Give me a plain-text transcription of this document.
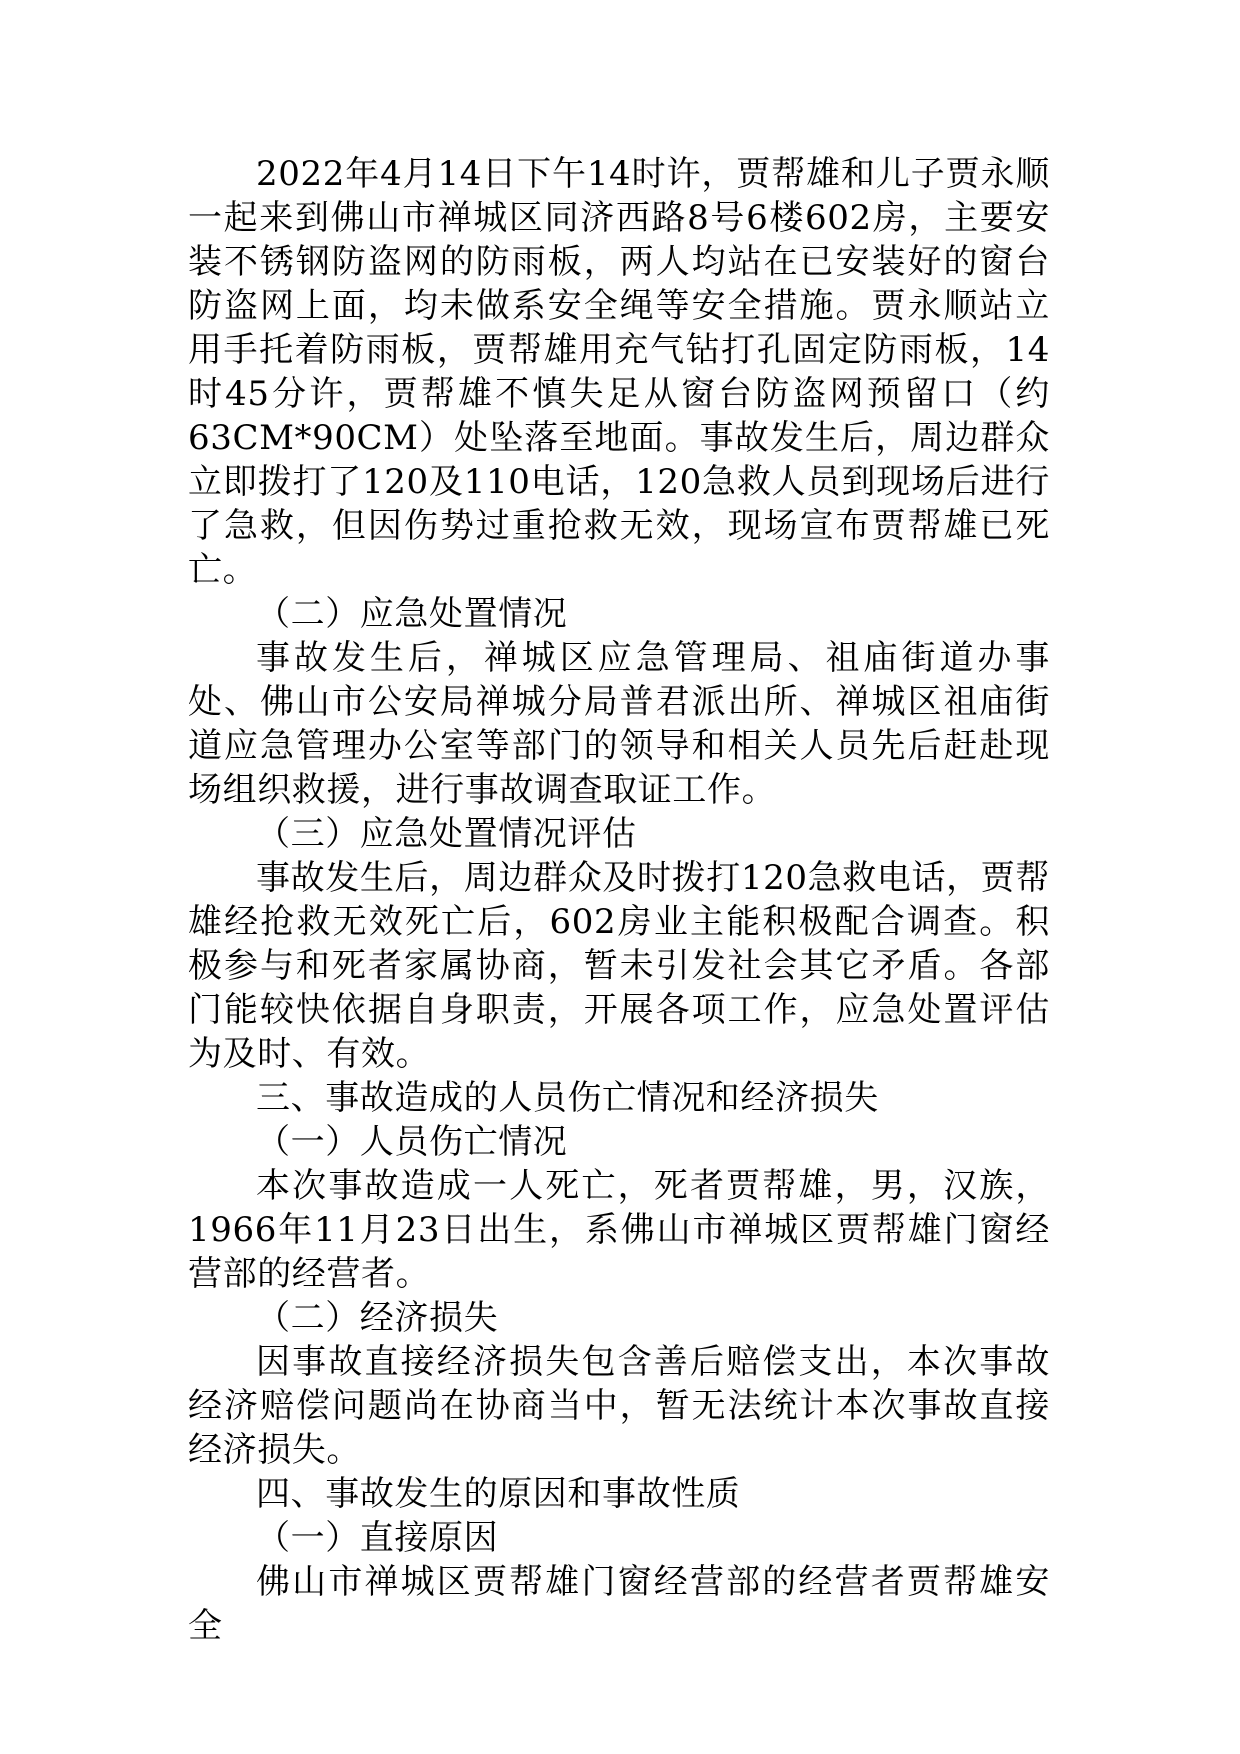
2022年4月14日下午14时许，贾帮雄和儿子贾永顺一起来到佛山市禅城区同济西路8号6楼602房，主要安装不锈钢防盗网的防雨板，两人均站在已安装好的窗台防盗网上面，均未做系安全绳等安全措施。贾永顺站立用手托着防雨板，贾帮雄用充气钻打孔固定防雨板，14时45分许，贾帮雄不慎失足从窗台防盗网预留口（约63CM*90CM）处坠落至地面。事故发生后，周边群众立即拨打了120及110电话，120急救人员到现场后进行了急救，但因伤势过重抢救无效，现场宣布贾帮雄已死亡。

（二）应急处置情况

事故发生后，禅城区应急管理局、祖庙街道办事处、佛山市公安局禅城分局普君派出所、禅城区祖庙街道应急管理办公室等部门的领导和相关人员先后赶赴现场组织救援，进行事故调查取证工作。

（三）应急处置情况评估

事故发生后，周边群众及时拨打120急救电话，贾帮雄经抢救无效死亡后，602房业主能积极配合调查。积极参与和死者家属协商，暂未引发社会其它矛盾。各部门能较快依据自身职责，开展各项工作，应急处置评估为及时、有效。

三、事故造成的人员伤亡情况和经济损失

（一）人员伤亡情况

本次事故造成一人死亡，死者贾帮雄，男，汉族，1966年11月23日出生，系佛山市禅城区贾帮雄门窗经营部的经营者。

（二）经济损失

因事故直接经济损失包含善后赔偿支出，本次事故经济赔偿问题尚在协商当中，暂无法统计本次事故直接经济损失。

四、事故发生的原因和事故性质

（一）直接原因

佛山市禅城区贾帮雄门窗经营部的经营者贾帮雄安全
